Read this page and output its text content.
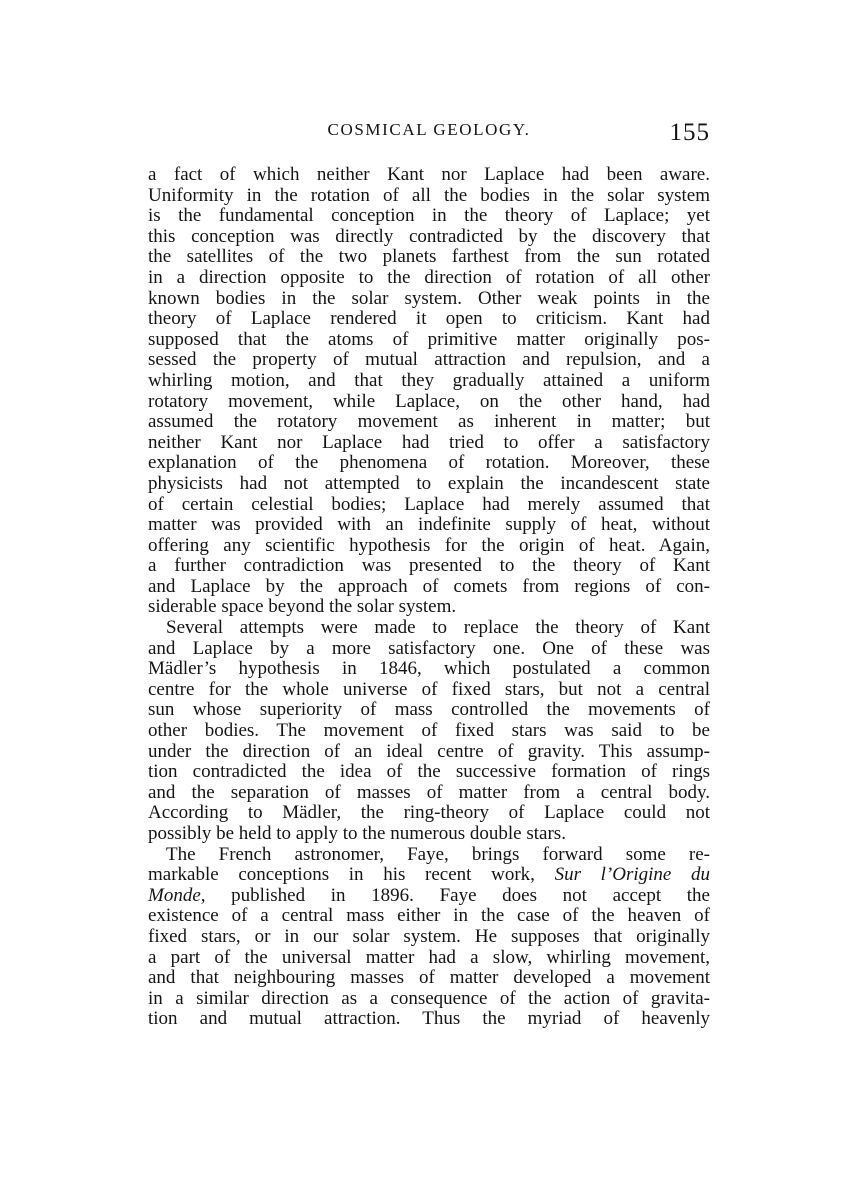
COSMICAL GEOLOGY.	155
a fact of which neither Kant nor Laplace had been aware.
Uniformity in the rotation of all the bodies in the solar system
is the fundamental conception in the theory of Laplace; yet
this conception was directly contradicted by the discovery that
the satellites of the two planets farthest from the sun rotated
in a direction opposite to the direction of rotation of all other
known bodies in the solar system. Other weak points in the
theory of Laplace rendered it open to criticism. Kant had
supposed that the atoms of primitive matter originally pos-
sessed the property of mutual attraction and repulsion, and a
whirling motion, and that they gradually attained a uniform
rotatory movement, while Laplace, on the other hand, had
assumed the rotatory movement as inherent in matter; but
neither Kant nor Laplace had tried to offer a satisfactory
explanation of the phenomena of rotation. Moreover, these
physicists had not attempted to explain the incandescent state
of certain celestial bodies; Laplace had merely assumed that
matter was provided with an indefinite supply of heat, without
offering any scientific hypothesis for the origin of heat. Again,
a further contradiction was presented to the theory of Kant
and Laplace by the approach of comets from regions of con-
siderable space beyond the solar system.
Several attempts were made to replace the theory of Kant
and Laplace by a more satisfactory one. One of these was
Mädler’s hypothesis in 1846, which postulated a common
centre for the whole universe of fixed stars, but not a central
sun whose superiority of mass controlled the movements of
other bodies. The movement of fixed stars was said to be
under the direction of an ideal centre of gravity. This assump-
tion contradicted the idea of the successive formation of rings
and the separation of masses of matter from a central body.
According to Mädler, the ring-theory of Laplace could not
possibly be held to apply to the numerous double stars.
The French astronomer, Faye, brings forward some re-
markable conceptions in his recent work, Sur l’Origine du
Monde, published in 1896. Faye does not accept the
existence of a central mass either in the case of the heaven of
fixed stars, or in our solar system. He supposes that originally
a part of the universal matter had a slow, whirling movement,
and that neighbouring masses of matter developed a movement
in a similar direction as a consequence of the action of gravita-
tion and mutual attraction. Thus the myriad of heavenly
